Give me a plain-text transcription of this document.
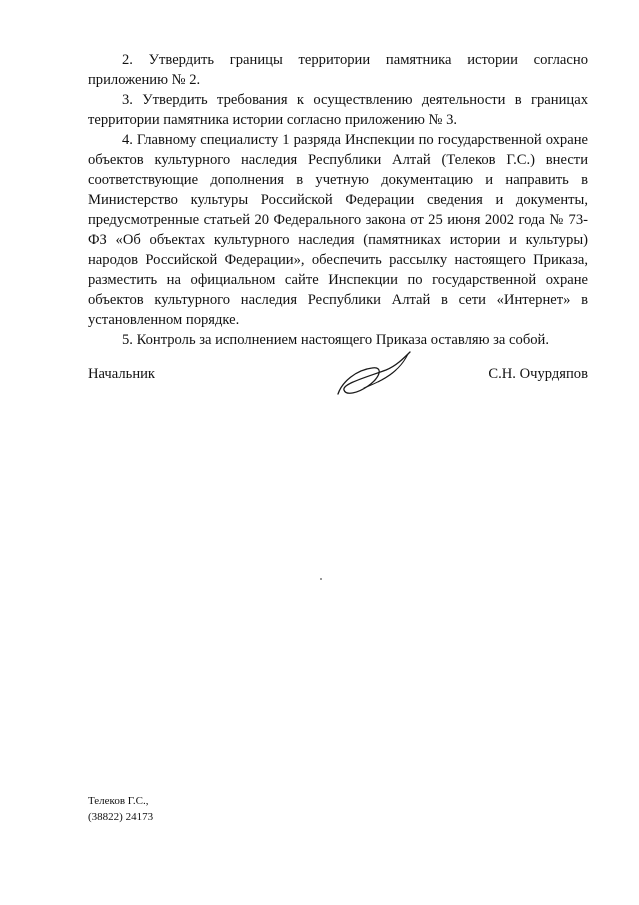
2. Утвердить границы территории памятника истории согласно приложению № 2.

3. Утвердить требования к осуществлению деятельности в границах территории памятника истории согласно приложению № 3.

4. Главному специалисту 1 разряда Инспекции по государственной охране объектов культурного наследия Республики Алтай (Телеков Г.С.) внести соответствующие дополнения в учетную документацию и направить в Министерство культуры Российской Федерации сведения и документы, предусмотренные статьей 20 Федерального закона от 25 июня 2002 года № 73-ФЗ «Об объектах культурного наследия (памятниках истории и культуры) народов Российской Федерации», обеспечить рассылку настоящего Приказа, разместить на официальном сайте Инспекции по государственной охране объектов культурного наследия Республики Алтай в сети «Интернет» в установленном порядке.

5. Контроль за исполнением настоящего Приказа оставляю за собой.

Начальник	С.Н. Очурдяпов
Телеков Г.С.,
(38822) 24173
